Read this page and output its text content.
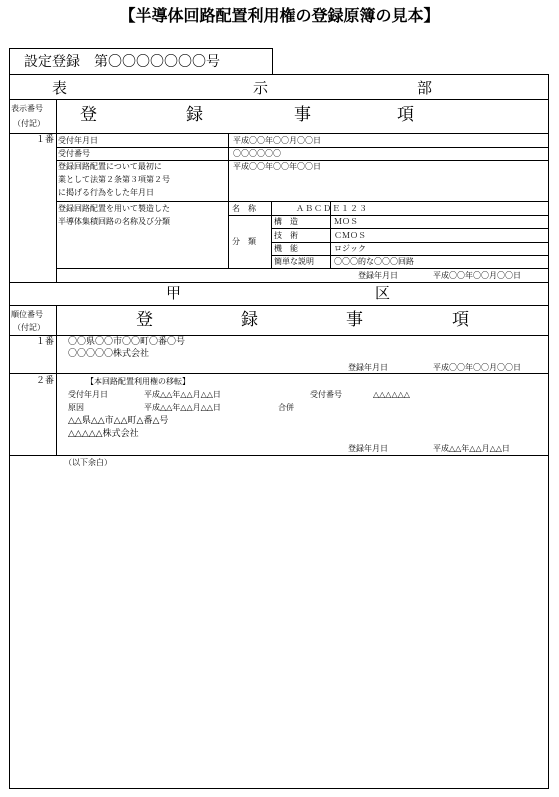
【半導体回路配置利用権の登録原簿の見本】
設定登録　第〇〇〇〇〇〇〇号
表	示	部
表示番号
（付記） 登	録	事	項
１番 受付年月日	平成〇〇年〇〇月〇〇日
受付番号	〇〇〇〇〇〇
登録回路配置について最初に
業として法第２条第３項第２号
に掲げる行為をした年月日
平成〇〇年〇〇年〇〇日
登録回路配置を用いて製造した
半導体集積回路の名称及び分類
名　称	ＡＢＣＤＥ１２３
分　類
構　造	ＭＯＳ
技　術	ＣＭＯＳ
機　能	ロジック
簡単な説明	〇〇〇的な〇〇〇回路
登録年月日	平成〇〇年〇〇月〇〇日
甲	区
順位番号
（付記）	登	録	事	項
１番 〇〇県〇〇市〇〇町〇番〇号
〇〇〇〇〇株式会社
登録年月日	平成〇〇年〇〇月〇〇日
２番	【本回路配置利用権の移転】
受付年月日	平成△△年△△月△△日	受付番号	△△△△△△
原因	平成△△年△△月△△日	合併
△△県△△市△△町△番△号
△△△△△株式会社
登録年月日	平成△△年△△月△△日
（以下余白）
